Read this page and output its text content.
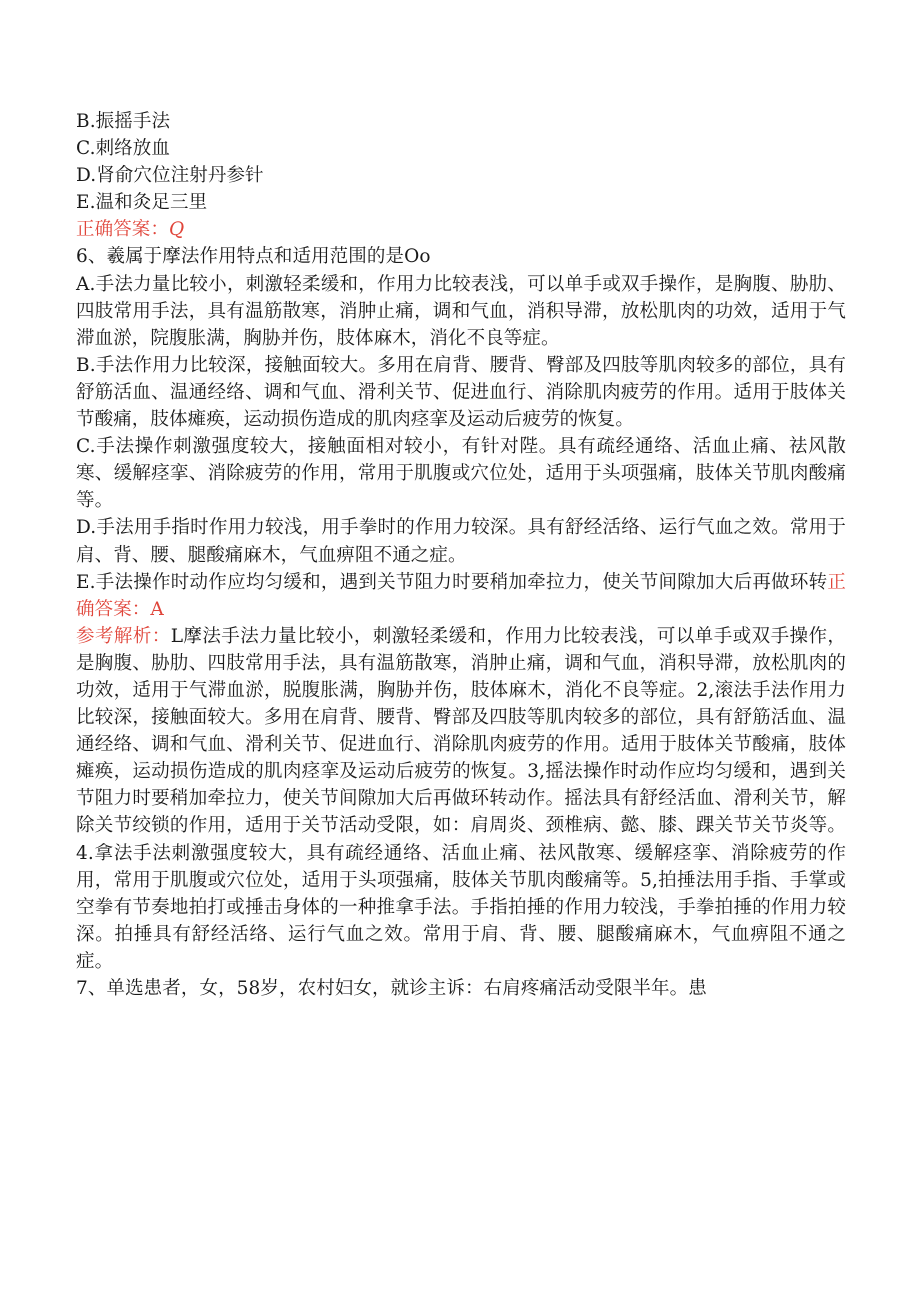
B.振摇手法
C.刺络放血
D.肾俞穴位注射丹参针
E.温和灸足三里
正确答案：Q
6、羲属于摩法作用特点和适用范围的是Oo
A.手法力量比较小，刺激轻柔缓和，作用力比较表浅，可以单手或双手操作，是胸腹、胁肋、四肢常用手法，具有温筋散寒，消肿止痛，调和气血，消积导滞，放松肌肉的功效，适用于气滞血淤，院腹胀满，胸胁并伤，肢体麻木，消化不良等症。
B.手法作用力比较深，接触面较大。多用在肩背、腰背、臀部及四肢等肌肉较多的部位，具有舒筋活血、温通经络、调和气血、滑利关节、促进血行、消除肌肉疲劳的作用。适用于肢体关节酸痛，肢体瘫痪，运动损伤造成的肌肉痉挛及运动后疲劳的恢复。
C.手法操作刺激强度较大，接触面相对较小，有针对陛。具有疏经通络、活血止痛、祛风散寒、缓解痉挛、消除疲劳的作用，常用于肌腹或穴位处，适用于头项强痛，肢体关节肌肉酸痛等。
D.手法用手指时作用力较浅，用手拳时的作用力较深。具有舒经活络、运行气血之效。常用于肩、背、腰、腿酸痛麻木，气血痹阻不通之症。
E.手法操作时动作应均匀缓和，遇到关节阻力时要稍加牵拉力，使关节间隙加大后再做环转正确答案：A
参考解析：L摩法手法力量比较小，刺激轻柔缓和，作用力比较表浅，可以单手或双手操作，是胸腹、胁肋、四肢常用手法，具有温筋散寒，消肿止痛，调和气血，消积导滞，放松肌肉的功效，适用于气滞血淤，脱腹胀满，胸胁并伤，肢体麻木，消化不良等症。2,滚法手法作用力比较深，接触面较大。多用在肩背、腰背、臀部及四肢等肌肉较多的部位，具有舒筋活血、温通经络、调和气血、滑利关节、促进血行、消除肌肉疲劳的作用。适用于肢体关节酸痛，肢体瘫痪，运动损伤造成的肌肉痉挛及运动后疲劳的恢复。3,摇法操作时动作应均匀缓和，遇到关节阻力时要稍加牵拉力，使关节间隙加大后再做环转动作。摇法具有舒经活血、滑利关节，解除关节绞锁的作用，适用于关节活动受限，如：肩周炎、颈椎病、懿、膝、踝关节关节炎等。4.拿法手法刺激强度较大，具有疏经通络、活血止痛、祛风散寒、缓解痉挛、消除疲劳的作用，常用于肌腹或穴位处，适用于头项强痛，肢体关节肌肉酸痛等。5,拍捶法用手指、手掌或空拳有节奏地拍打或捶击身体的一种推拿手法。手指拍捶的作用力较浅，手拳拍捶的作用力较深。拍捶具有舒经活络、运行气血之效。常用于肩、背、腰、腿酸痛麻木，气血痹阻不通之症。
7、单选患者，女，58岁，农村妇女，就诊主诉：右肩疼痛活动受限半年。患
